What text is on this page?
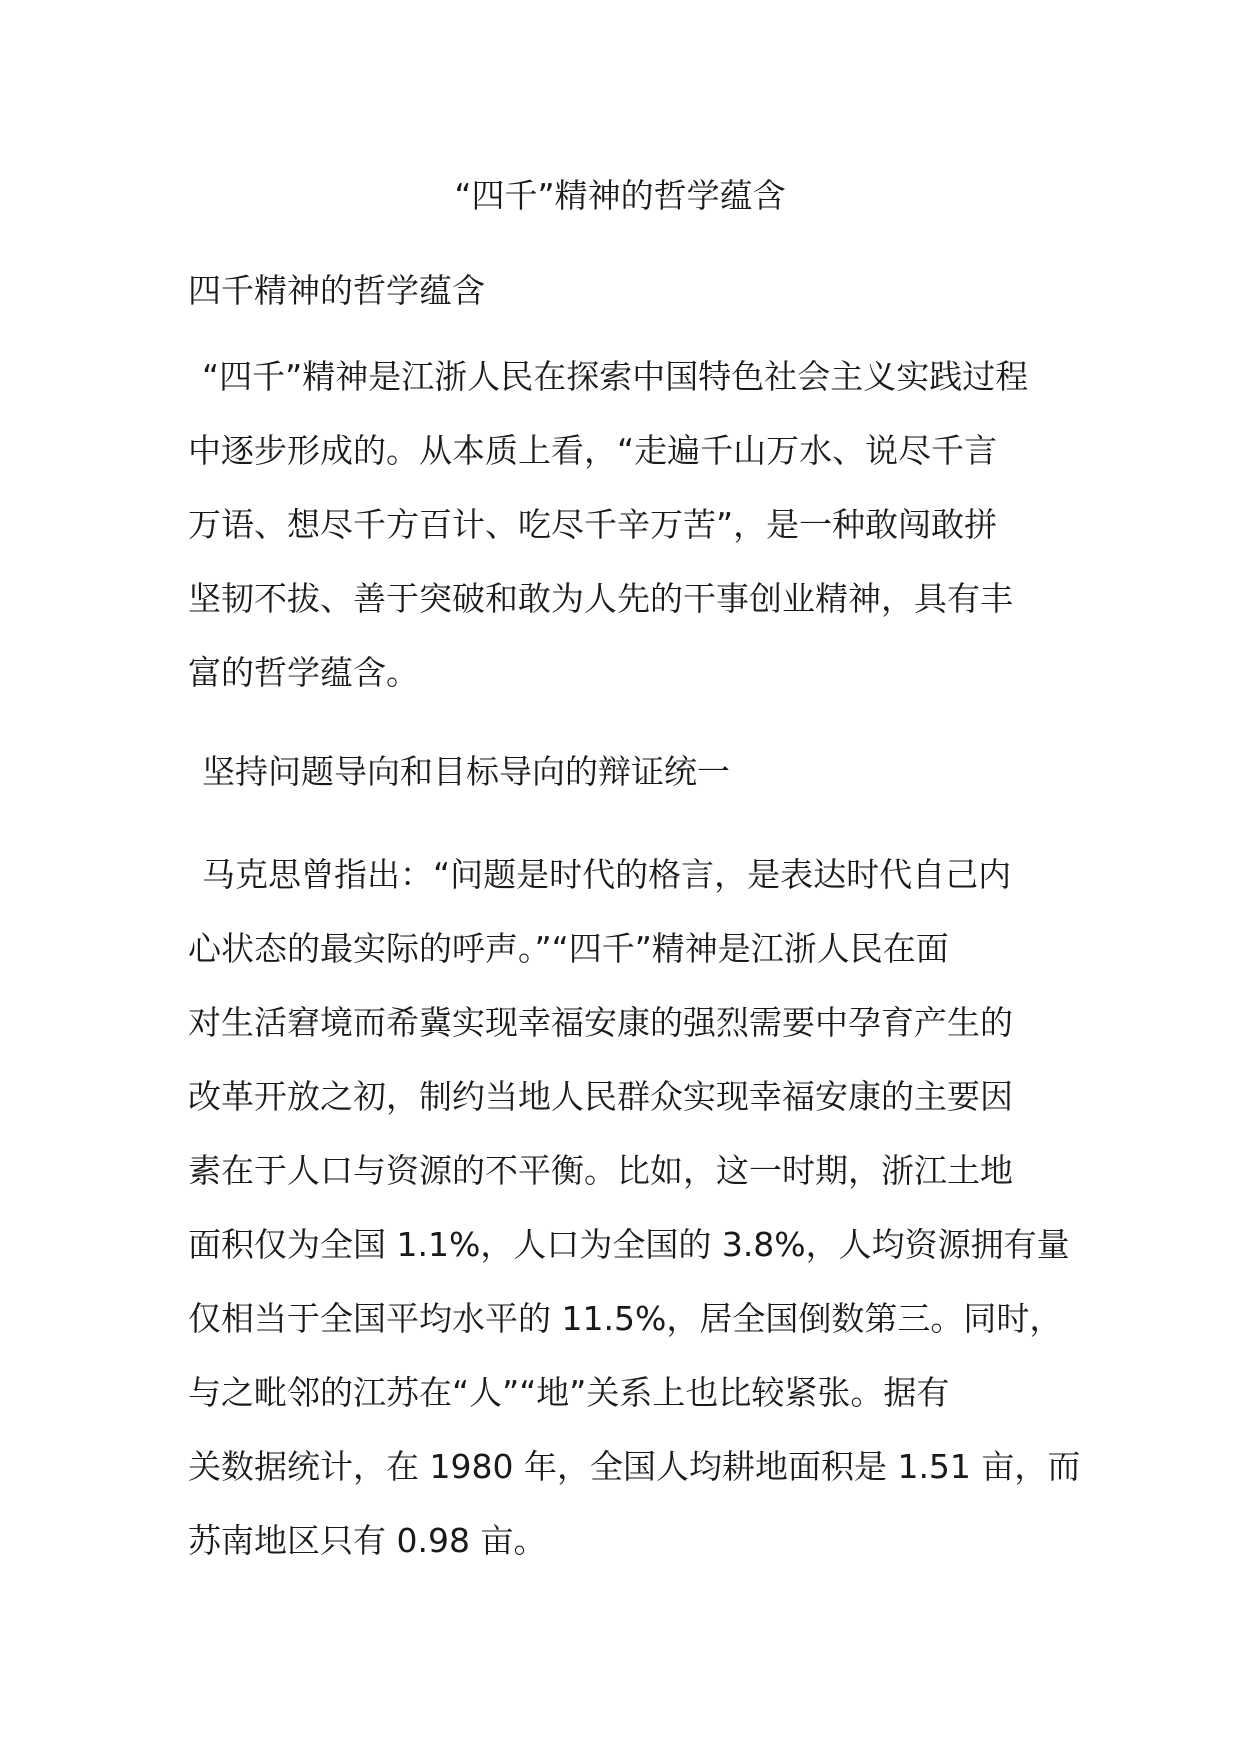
“四千”精神的哲学蕴含
四千精神的哲学蕴含
“四千”精神是江浙人民在探索中国特色社会主义实践过程
中逐步形成的。从本质上看，“走遍千山万水、说尽千言
万语、想尽千方百计、吃尽千辛万苦”，是一种敢闯敢拼
坚韧不拔、善于突破和敢为人先的干事创业精神，具有丰
富的哲学蕴含。
坚持问题导向和目标导向的辩证统一
马克思曾指出：“问题是时代的格言，是表达时代自己内
心状态的最实际的呼声。”“四千”精神是江浙人民在面
对生活窘境而希冀实现幸福安康的强烈需要中孕育产生的
改革开放之初，制约当地人民群众实现幸福安康的主要因
素在于人口与资源的不平衡。比如，这一时期，浙江土地
面积仅为全国 1.1%，人口为全国的 3.8%，人均资源拥有量
仅相当于全国平均水平的 11.5%，居全国倒数第三。同时，
与之毗邻的江苏在“人”“地”关系上也比较紧张。据有
关数据统计，在 1980 年，全国人均耕地面积是 1.51 亩，而
苏南地区只有 0.98 亩。
